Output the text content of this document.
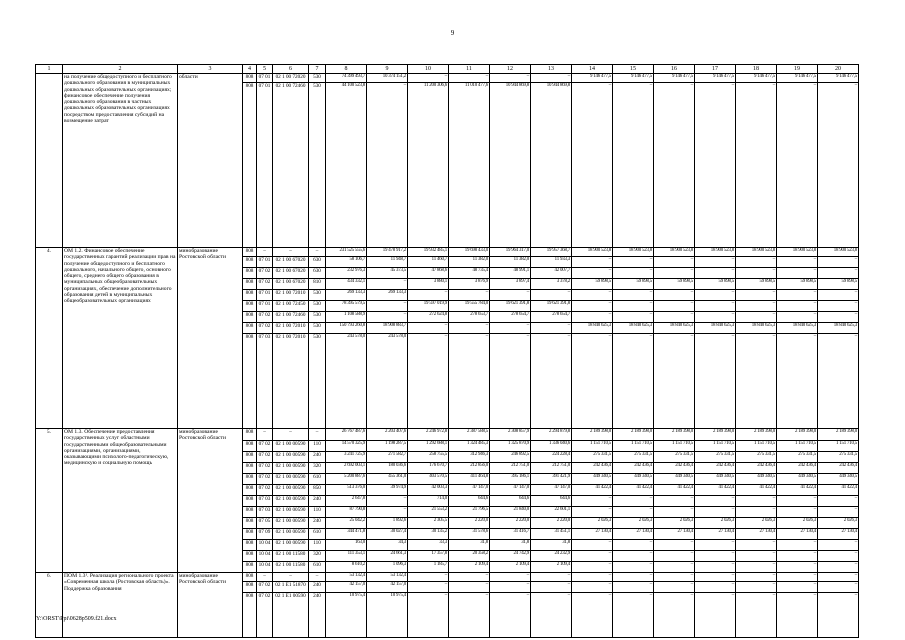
9
1	2	3	4	5	6	7	8	9	10	11	12	13	14	15	16	17	18	19	20
	на получение общедоступного и бесплатного дошкольного образования в муниципальных дошкольных образовательных организациях; финансовое обеспечение получения дошкольного образования в частных дошкольных образовательных организациях посредством предоставления субсидий на возмещение затрат	области	808	07 01	02 1 00 72020	530	74 399 493,7	10 374 151,2	–	–	–	–	9 146 477,5	9 146 477,5	9 146 477,5	9 146 477,5	9 146 477,5	9 146 477,5	9 146 477,5
			808	07 01	02 1 00 72460	530	44 100 523,8	–	11 200 306,6	11 010 477,6	10 944 869,8	10 944 869,8	–	–	–	–	–	–	–
4.	ОМ 1.2. Финансовое обеспечение государственных гарантий реализации прав на получение общедоступного и бесплатного дошкольного, начального общего, основного общего, среднего общего образования в муниципальных общеобразовательных организациях, обеспечение дополнительного образования детей в муниципальных общеобразовательных организациях	минобразование Ростовской области	808	–	–	–	231 525 555,6	19 478 917,2	19 932 485,1	19 698 433,0	19 964 317,0	19 957 368,7	18 900 523,8	18 900 523,8	18 900 523,8	18 900 523,8	18 900 523,8	18 900 523,8	18 900 523,8
			808	07 01	02 1 00 67020	630	58 106,7	11 948,7	11 460,7	11 382,0	11 382,0	11 933,3	–	–	–	–	–	–	–
			808	07 02	02 1 00 67020	630	232 976,3	45 373,5	47 868,6	48 735,4	48 991,1	42 007,7	–	–	–	–	–	–	–
			808	07 02	02 1 00 67020	810	434 332,1	–	3 880,1	3 876,9	3 897,4	3 378,2	59 898,5	59 898,5	59 898,5	59 898,5	59 898,5	59 898,5	59 898,5
			808	07 01	02 1 00 72010	530	269 133,3	269 133,3	–	–	–	–	–	–	–	–	–	–	–
			808	07 01	02 1 00 72450	530	78 395 579,5	–	19 597 019,9	19 555 784,0	19 621 391,8	19 621 391,8	–	–	–	–	–	–	–
			808	07 02	02 1 00 72460	530	1 108 588,9	–	272 624,8	278 653,7	278 654,7	278 654,7	–	–	–	–	–	–	–
			808	07 02	02 1 00 72010	530	150 793 260,8	18 908 883,7	–	–	–	–	18 840 625,3	18 840 625,3	18 840 625,3	18 840 625,3	18 840 625,3	18 840 625,3	18 840 625,3
			808	07 03	02 1 00 72010	530	243 578,0	243 578,0	–	–	–	–	–	–	–	–	–	–	–
5.	ОМ 1.3. Обеспечение предоставления государственных услуг областными государственными общеобразовательными организациями, организациями, оказывающими психолого-педагогическую, медицинскую и социальную помощь	минобразование Ростовской области	808	–	–	–	26 767 487,6	2 203 407,6	2 246 972,8	2 387 588,5	2 308 857,9	2 294 879,8	2 189 398,0	2 189 398,0	2 189 398,0	2 189 398,0	2 189 398,0	2 189 398,0	2 189 398,0
			808	07 02	02 1 00 00590	110	14 570 325,9	1 198 287,5	1 292 688,1	1 324 485,3	1 325 870,9	1 336 040,6	1 151 710,5	1 151 710,5	1 151 710,5	1 151 710,5	1 151 710,5	1 151 710,5	1 151 710,5
			808	07 02	02 1 00 00590	240	3 241 725,9	271 582,7	258 755,5	312 946,3	246 892,5	224 228,4	275 331,5	275 331,5	275 331,5	275 331,5	275 331,5	275 331,5	275 331,5
			808	07 02	02 1 00 00590	320	2 692 003,1	180 036,6	176 670,7	212 856,0	212 751,0	212 751,0	242 436,4	242 436,4	242 436,4	242 436,4	242 436,4	242 436,4	242 436,4
			808	07 02	02 1 00 00590	610	5 200 887,6	455 361,0	403 570,5	411 464,8	395 186,1	391 421,9	449 340,5	449 340,5	449 340,5	449 340,5	449 340,5	449 340,5	449 340,5
			808	07 02	02 1 00 00590	850	513 376,0	39 974,9	42 003,3	47 147,0	47 147,0	47 147,0	41 422,4	41 422,4	41 422,4	41 422,4	41 422,4	41 422,4	41 422,4
			808	07 03	02 1 00 00590	240	2 647,8	–	714,0	644,6	644,6	644,6	–	–	–	–	–	–	–
			808	07 03	02 1 00 00590	110	87 790,8	–	21 553,2	21 796,5	21 840,0	22 601,1	–	–	–	–	–	–	–
			808	07 05	02 1 00 00590	240	25 042,2	1 892,6	2 305,5	2 220,0	2 220,0	2 220,0	2 026,3	2 026,3	2 026,3	2 026,3	2 026,3	2 026,3	2 026,3
			808	07 09	02 1 00 00590	610	344 471,8	30 027,4	30 135,2	31 578,6	31 416,7	31 451,1	27 130,4	27 130,4	27 130,4	27 130,4	27 130,4	27 130,4	27 130,4
			808	10 04	02 1 00 00590	110	163,0	34,3	33,3	31,8	31,8	31,8	–	–	–	–	–	–	–
			808	10 04	02 1 00 11580	320	111 353,1	24 661,3	17 357,8	20 358,2	24 742,9	24 232,9	–	–	–	–	–	–	–
			808	10 04	02 1 00 11580	610	8 610,2	1 096,3	1 185,7	2 109,4	2 109,4	2 109,4	–	–	–	–	–	–	–
6.	ПОМ 1.3¹. Реализация регионального проекта «Современная школа (Ростовская область)». Поддержка образования	минобразование Ростовской области	808	–	–	–	53 132,4	53 132,4	–	–	–	–	–	–	–	–	–	–	–
			808	07 02	02 1 E1 51870	240	42 157,0	42 157,0	–	–	–	–	–	–	–	–	–	–	–
			808	07 02	02 1 E1 00590	240	10 975,4	10 975,4	–	–	–	–	–	–	–	–	–	–	–
Y:\ORST\Ppi\0628p509.f21.docx
